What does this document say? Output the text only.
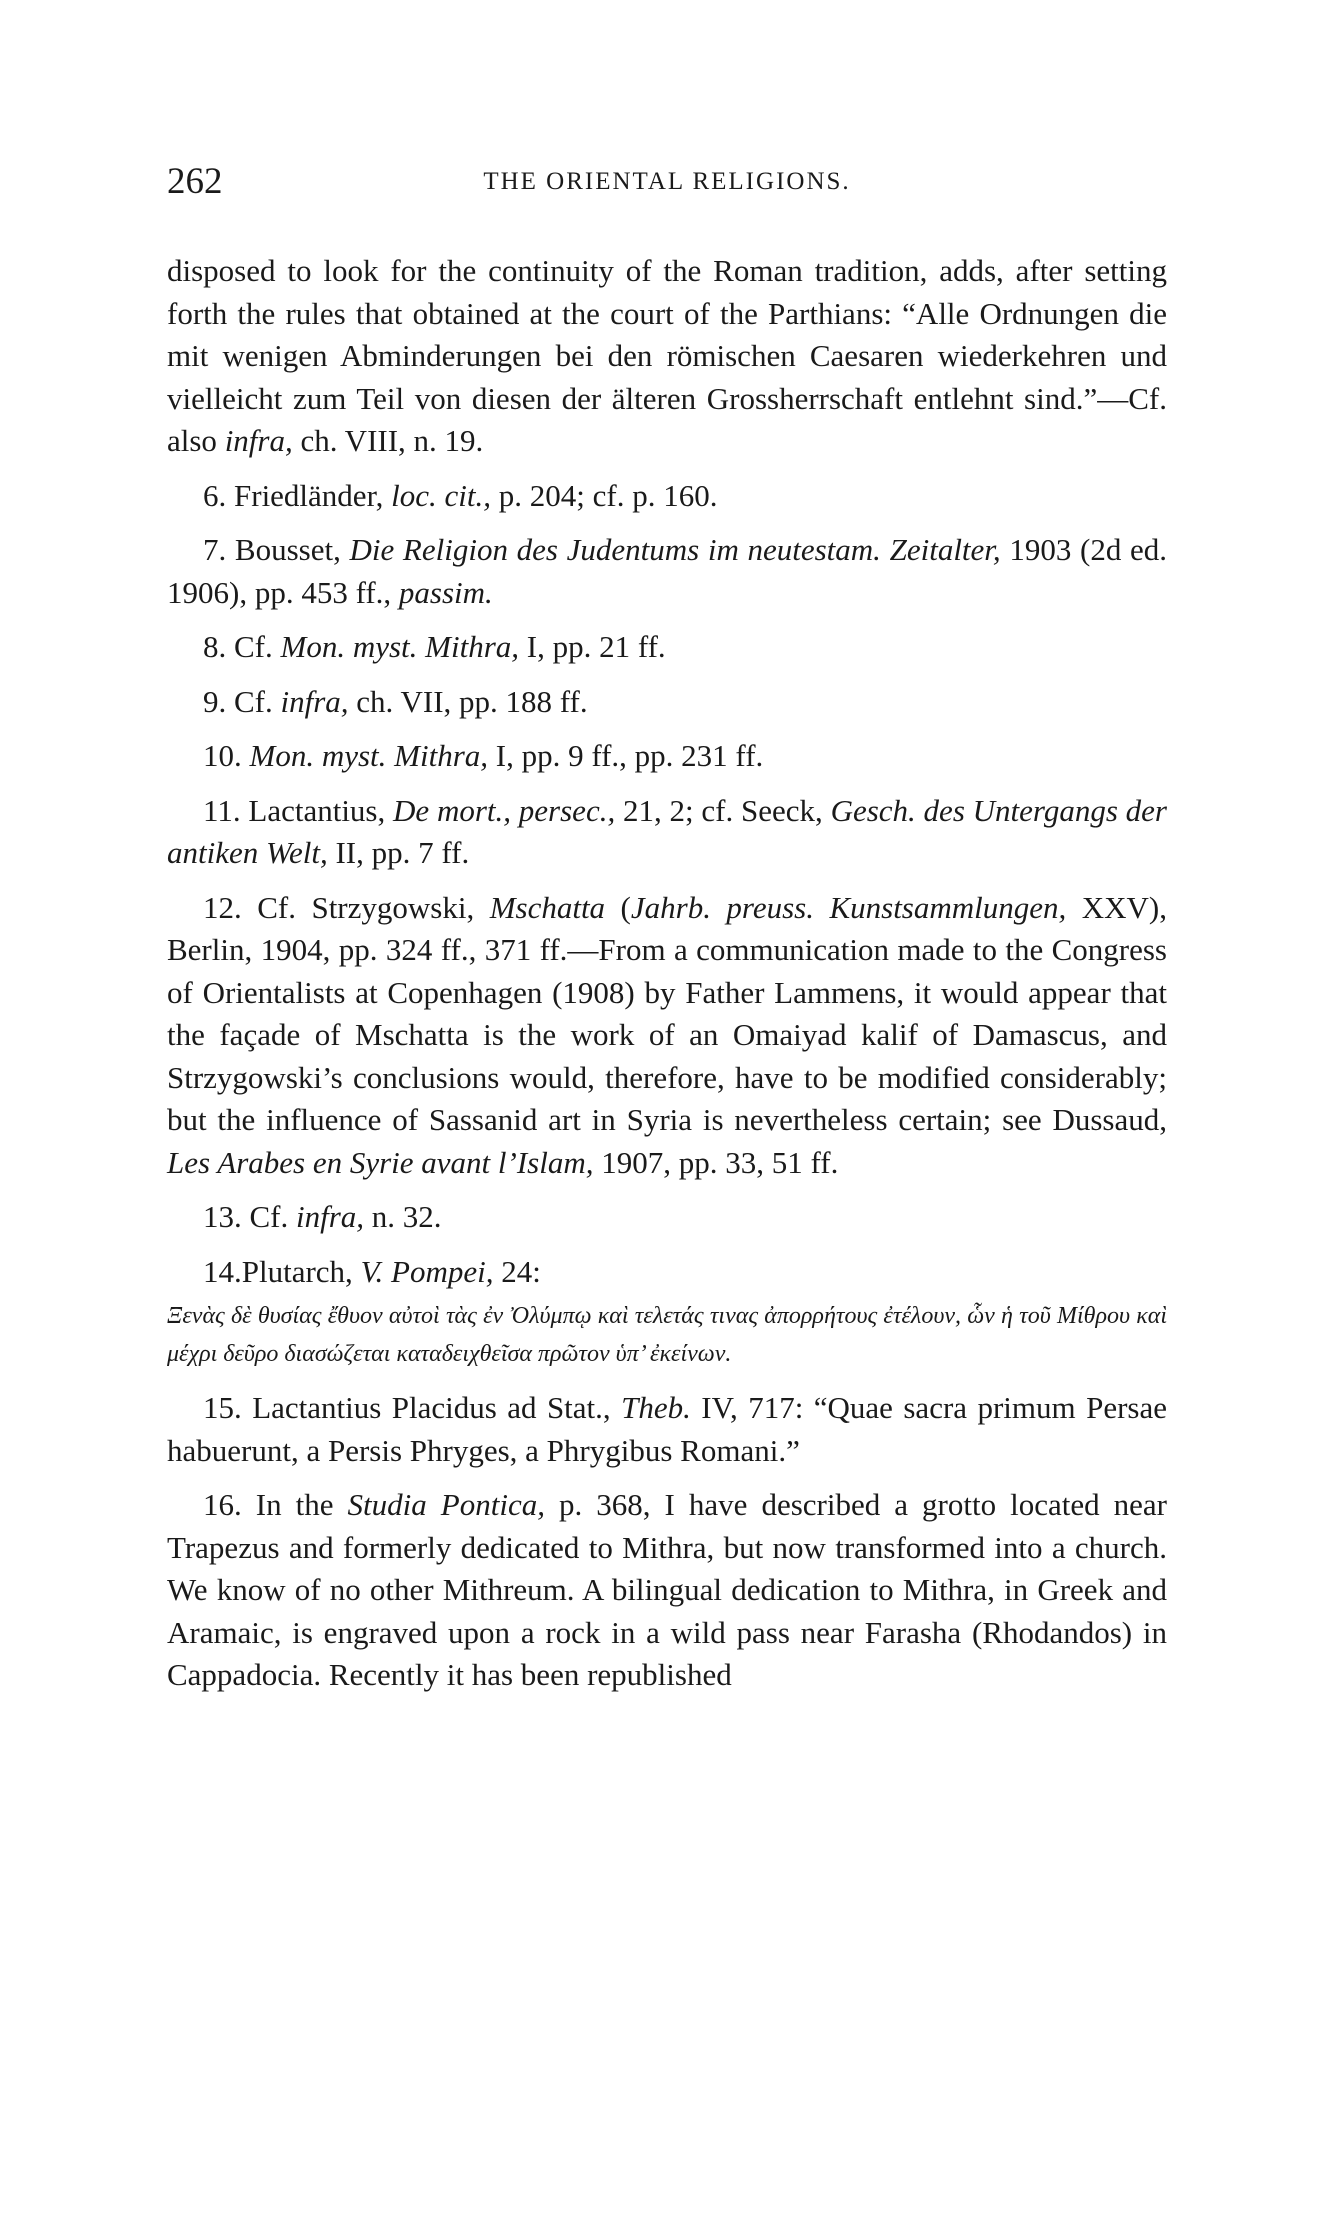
262	THE ORIENTAL RELIGIONS.

disposed to look for the continuity of the Roman tradition, adds, after setting forth the rules that obtained at the court of the Parthians: “Alle Ordnungen die mit wenigen Abminderungen bei den römischen Caesaren wiederkehren und vielleicht zum Teil von diesen der älteren Grossherrschaft entlehnt sind.”—Cf. also infra, ch. VIII, n. 19.

6. Friedländer, loc. cit., p. 204; cf. p. 160.

7. Bousset, Die Religion des Judentums im neutestam. Zeitalter, 1903 (2d ed. 1906), pp. 453 ff., passim.

8. Cf. Mon. myst. Mithra, I, pp. 21 ff.

9. Cf. infra, ch. VII, pp. 188 ff.

10. Mon. myst. Mithra, I, pp. 9 ff., pp. 231 ff.

11. Lactantius, De mort., persec., 21, 2; cf. Seeck, Gesch. des Untergangs der antiken Welt, II, pp. 7 ff.

12. Cf. Strzygowski, Mschatta (Jahrb. preuss. Kunstsammlungen, XXV), Berlin, 1904, pp. 324 ff., 371 ff.—From a communication made to the Congress of Orientalists at Copenhagen (1908) by Father Lammens, it would appear that the façade of Mschatta is the work of an Omaiyad kalif of Damascus, and Strzygowski’s conclusions would, therefore, have to be modified considerably; but the influence of Sassanid art in Syria is nevertheless certain; see Dussaud, Les Arabes en Syrie avant l’Islam, 1907, pp. 33, 51 ff.

13. Cf. infra, n. 32.

14.Plutarch, V. Pompei, 24:

Ξενὰς δὲ θυσίας ἔθυον αὐτοὶ τὰς ἐν Ὀλύμπῳ καὶ τελετάς τινας ἀπορρήτους ἐτέλουν, ὧν ἡ τοῦ Μίθρου καὶ μέχρι δεῦρο διασώζεται καταδειχθεῖσα πρῶτον ὑπ’ ἐκείνων.

15. Lactantius Placidus ad Stat., Theb. IV, 717: “Quae sacra primum Persae habuerunt, a Persis Phryges, a Phrygibus Romani.”

16. In the Studia Pontica, p. 368, I have described a grotto located near Trapezus and formerly dedicated to Mithra, but now transformed into a church. We know of no other Mithreum. A bilingual dedication to Mithra, in Greek and Aramaic, is engraved upon a rock in a wild pass near Farasha (Rhodandos) in Cappadocia. Recently it has been republished
